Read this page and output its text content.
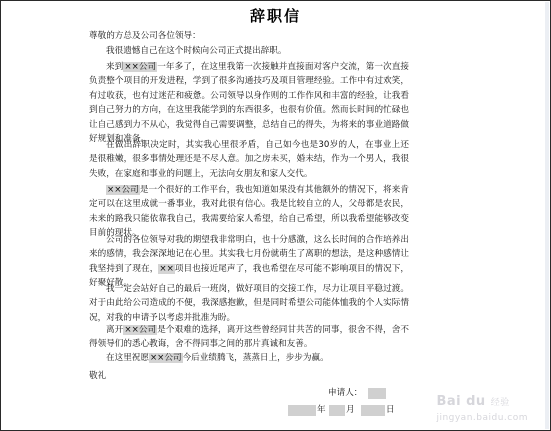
辞职信
尊敬的方总及公司各位领导：
我很遗憾自己在这个时候向公司正式提出辞职。
来到××公司一年多了，在这里我第一次接触并直接面对客户交流，第一次直接负责整个项目的开发进程，学到了很多沟通技巧及项目管理经验。工作中有过欢笑，有过收获，也有过迷茫和疲惫。公司领导以身作则的工作作风和丰富的经验，让我看到自己努力的方向，在这里我能学到的东西很多，也很有价值。然而长时间的忙碌也让自己感到力不从心，我觉得自己需要调整，总结自己的得失，为将来的事业道路做好规划和准备。
在做出辞职决定时，其实我心里很矛盾，自己如今也是30岁的人，在事业上还是很稚嫩，很多事情处理还是不尽人意。加之房未买，婚未结，作为一个男人，我很失败，在家庭和事业的问题上，无法向女朋友和家人交代。
××公司是一个很好的工作平台，我也知道如果没有其他额外的情况下，将来肯定可以在这里成就一番事业，我对此很有信心。我是比较自立的人，父母都是农民，未来的路我只能依靠我自己，我需要给家人希望，给自己希望，所以我希望能够改变目前的现状。
公司的各位领导对我的期望我非常明白，也十分感激，这么长时间的合作培养出来的感情，我会深深地记在心里。其实我七月份就萌生了离职的想法，是这种感情让我坚持到了现在，××项目也接近尾声了，我也希望在尽可能不影响项目的情况下，好聚好散。
我一定会站好自己的最后一班岗，做好项目的交接工作，尽力让项目平稳过渡。对于由此给公司造成的不便，我深感抱歉，但是同时希望公司能体恤我的个人实际情况，对我的申请予以考虑并批准为盼。
离开××公司是个艰难的选择，离开这些曾经同甘共苦的同事，很舍不得，舍不得领导们的悉心教诲，舍不得同事之间的那片真诚和友善。
在这里祝愿××公司今后业绩腾飞，蒸蒸日上，步步为赢。
敬礼
申请人：
年 月	日
Bai du 经验
jingyan.baidu.com
